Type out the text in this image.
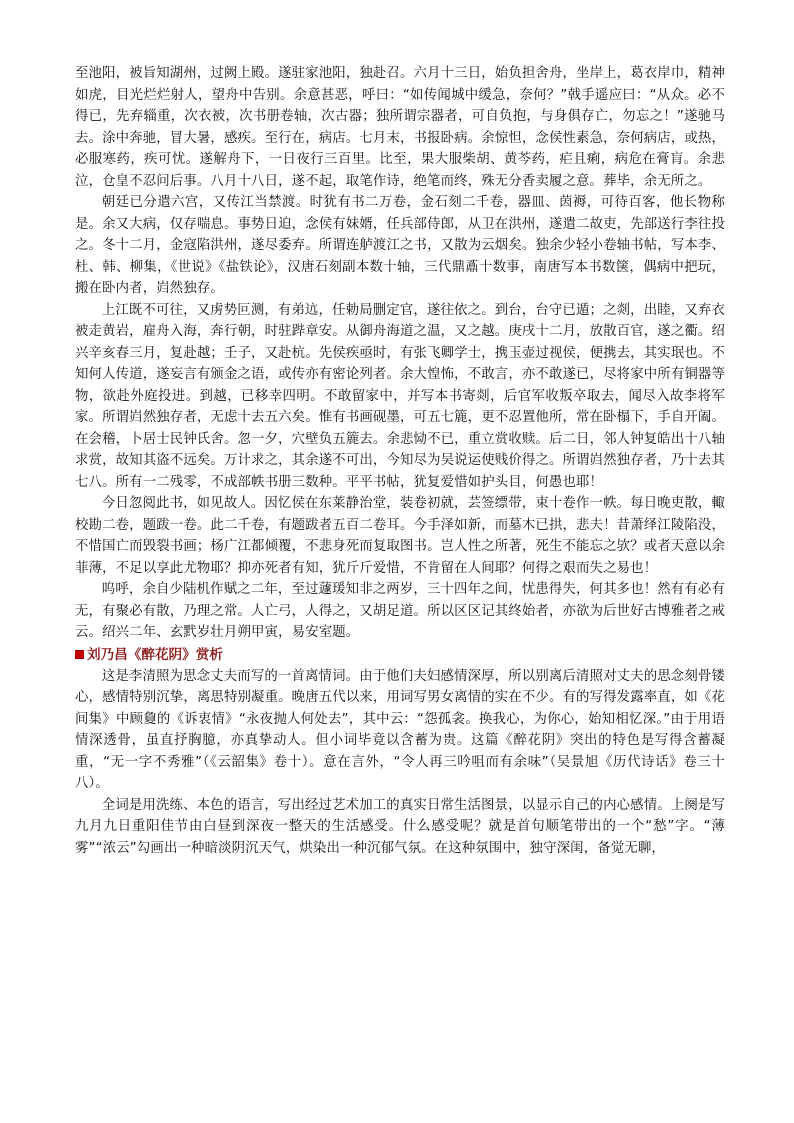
至池阳，被旨知湖州，过阙上殿。遂驻家池阳，独赴召。六月十三日，始负担舍舟，坐岸上，葛衣岸巾，精神如虎，目光烂烂射人，望舟中告别。余意甚恶，呼曰：“如传闻城中缓急，奈何？”戟手遥应曰：“从众。必不得已，先弃辎重，次衣被，次书册卷轴，次古器；独所谓宗器者，可自负抱，与身俱存亡，勿忘之！”遂驰马去。涂中奔驰，冒大暑，感疾。至行在，病店。七月末，书报卧病。余惊怛，念侯性素急，奈何病店，或热，必服寒药，疾可忧。遂解舟下，一日夜行三百里。比至，果大服柴胡、黄芩药，疟且痢，病危在膏肓。余悲泣，仓皇不忍问后事。八月十八日，遂不起，取笔作诗，绝笔而终，殊无分香卖履之意。葬毕，余无所之。

朝廷已分遣六宫，又传江当禁渡。时犹有书二万卷，金石刻二千卷，器皿、茵褥，可待百客，他长物称是。余又大病，仅存喘息。事势日迫，念侯有妹婿，任兵部侍郎，从卫在洪州，遂遣二故吏，先部送行李往投之。冬十二月，金寇陷洪州，遂尽委弃。所谓连舻渡江之书，又散为云烟矣。独余少轻小卷轴书帖，写本李、杜、韩、柳集，《世说》《盐铁论》，汉唐石刻副本数十轴，三代鼎鼒十数事，南唐写本书数箧，偶病中把玩，搬在卧内者，岿然独存。

上江既不可往，又虏势叵测，有弟迒，任勅局删定官，遂往依之。到台，台守已遁；之剡，出睦，又弃衣被走黄岩，雇舟入海，奔行朝，时驻跸章安。从御舟海道之温，又之越。庚戌十二月，放散百官，遂之衢。绍兴辛亥春三月，复赴越；壬子，又赴杭。先侯疾亟时，有张飞卿学士，携玉壶过视侯，便携去，其实珉也。不知何人传道，遂妄言有颁金之语，或传亦有密论列者。余大惶怖，不敢言，亦不敢遂已，尽将家中所有铜器等物，欲赴外庭投进。到越，已移幸四明。不敢留家中，并写本书寄剡，后官军收叛卒取去，闻尽入故李将军家。所谓岿然独存者，无虑十去五六矣。惟有书画砚墨，可五七簏，更不忍置他所，常在卧榻下，手自开阖。在会稽，卜居士民钟氏舍。忽一夕，穴壁负五簏去。余悲恸不已，重立赏收赎。后二日，邻人钟复皓出十八轴求赏，故知其盗不远矣。万计求之，其余遂不可出，今知尽为吴说运使贱价得之。所谓岿然独存者，乃十去其七八。所有一二残零，不成部帙书册三数种。平平书帖，犹复爱惜如护头目，何愚也耶！

今日忽阅此书，如见故人。因忆侯在东莱静治堂，装卷初就，芸签缥带，束十卷作一帙。每日晚吏散，輙校勘二卷，题跋一卷。此二千卷，有题跋者五百二卷耳。今手泽如新，而墓木已拱，悲夫！昔萧绎江陵陷没，不惜国亡而毁裂书画；杨广江都倾覆，不悲身死而复取图书。岂人性之所著，死生不能忘之欤？或者天意以余菲薄，不足以享此尤物耶？抑亦死者有知，犹斤斤爱惜，不肯留在人间耶？何得之艰而失之易也！

呜呼，余自少陆机作赋之二年，至过蘧瑗知非之两岁，三十四年之间，忧患得失，何其多也！然有有必有无，有聚必有散，乃理之常。人亡弓，人得之，又胡足道。所以区区记其终始者，亦欲为后世好古博雅者之戒云。绍兴二年、玄黓岁壮月朔甲寅，易安室题。

刘乃昌《醉花阴》赏析

这是李清照为思念丈夫而写的一首离情词。由于他们夫妇感情深厚，所以别离后清照对丈夫的思念刻骨镂心，感情特别沉挚，离思特别凝重。晚唐五代以来，用词写男女离情的实在不少。有的写得发露率直，如《花间集》中顾敻的《诉衷情》“永夜抛人何处去”，其中云：“怨孤衾。换我心，为你心，始知相忆深。”由于用语情深透骨，虽直抒胸臆，亦真挚动人。但小词毕竟以含蓄为贵。这篇《醉花阴》突出的特色是写得含蓄凝重，“无一字不秀雅”（《云韶集》卷十）。意在言外，“令人再三吟咀而有余味”（吴景旭《历代诗话》卷三十八）。

全词是用洗练、本色的语言，写出经过艺术加工的真实日常生活图景，以显示自己的内心感情。上阕是写九月九日重阳佳节由白昼到深夜一整天的生活感受。什么感受呢？就是首句顺笔带出的一个“愁”字。“薄雾”“浓云”勾画出一种暗淡阴沉天气，烘染出一种沉郁气氛。在这种氛围中，独守深闺，备觉无聊，
